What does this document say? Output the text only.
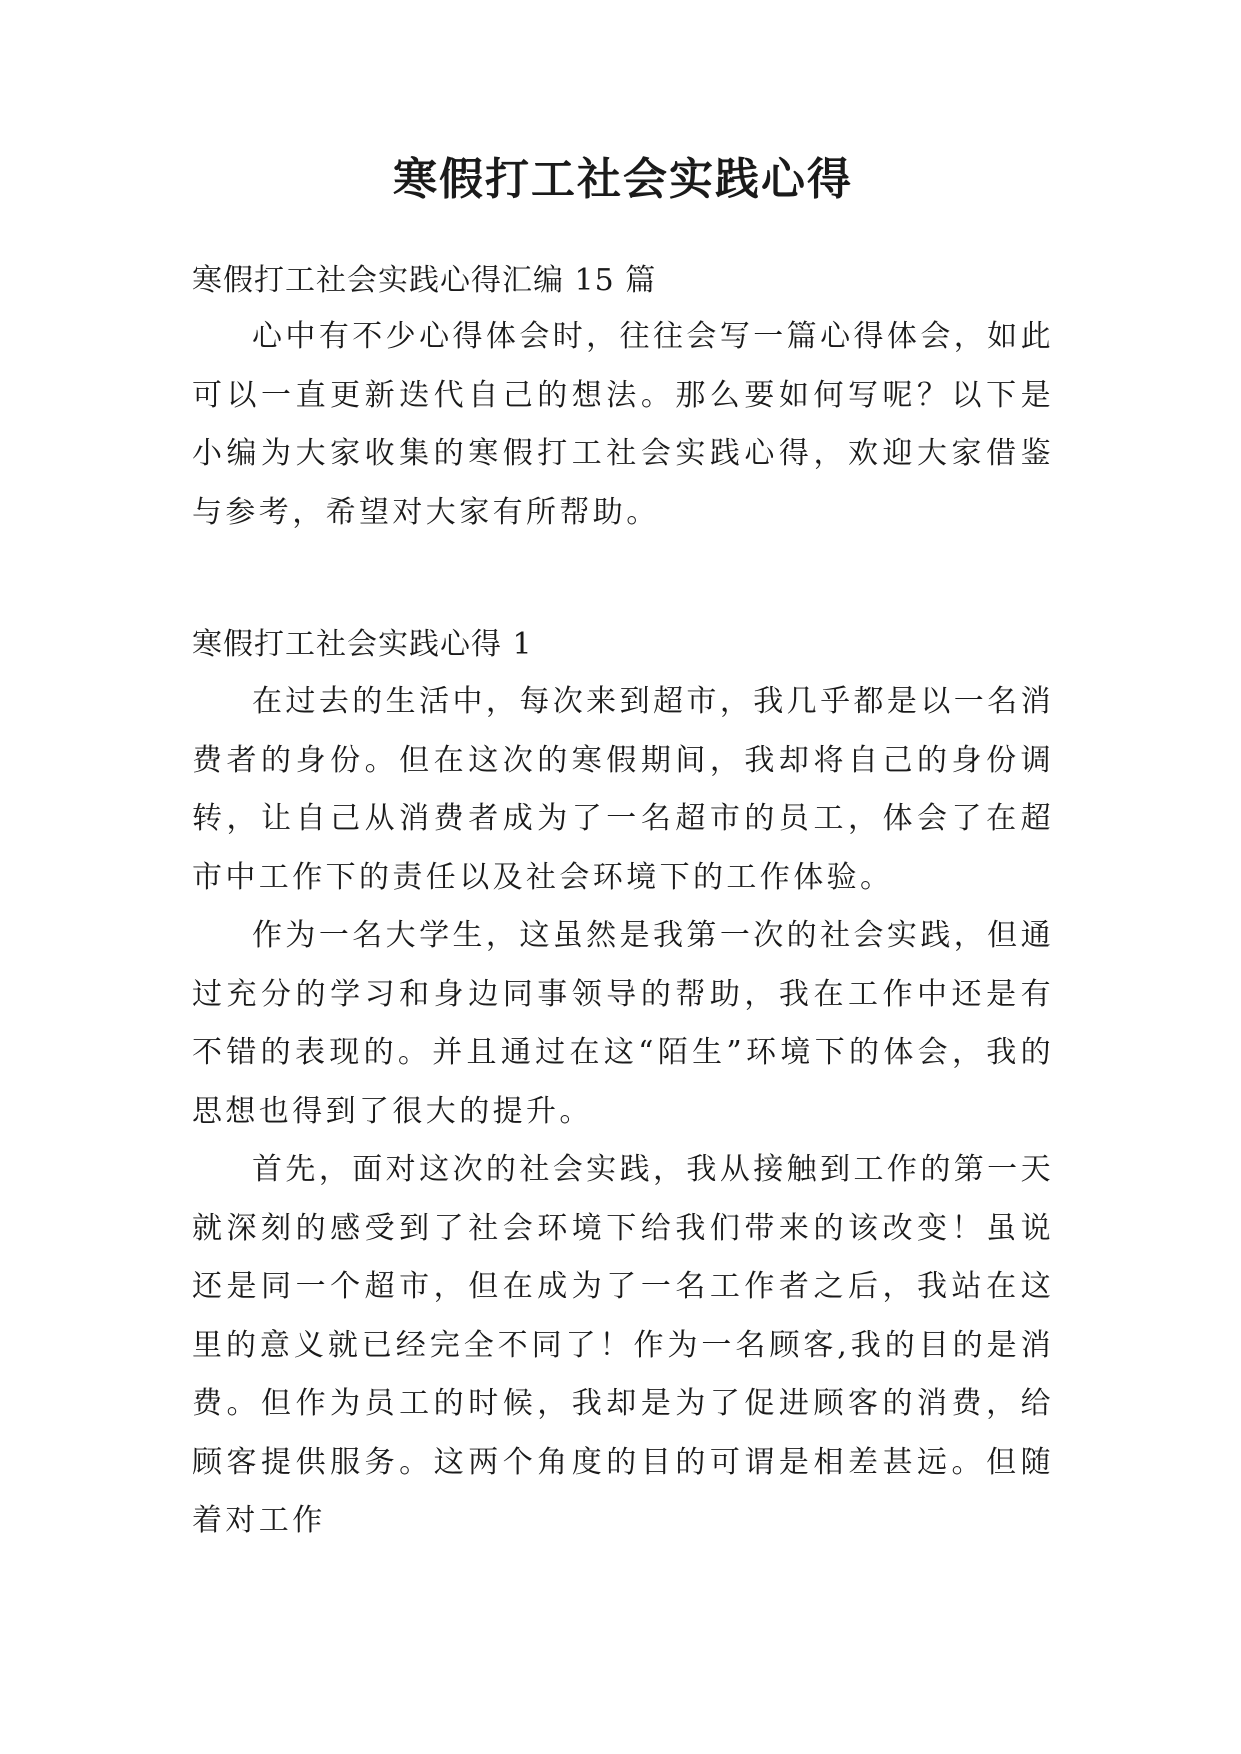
寒假打工社会实践心得

寒假打工社会实践心得汇编 15 篇

心中有不少心得体会时，往往会写一篇心得体会，如此可以一直更新迭代自己的想法。那么要如何写呢？以下是小编为大家收集的寒假打工社会实践心得，欢迎大家借鉴与参考，希望对大家有所帮助。

寒假打工社会实践心得 1

在过去的生活中，每次来到超市，我几乎都是以一名消费者的身份。但在这次的寒假期间，我却将自己的身份调转，让自己从消费者成为了一名超市的员工，体会了在超市中工作下的责任以及社会环境下的工作体验。

作为一名大学生，这虽然是我第一次的社会实践，但通过充分的学习和身边同事领导的帮助，我在工作中还是有不错的表现的。并且通过在这“陌生”环境下的体会，我的思想也得到了很大的提升。

首先，面对这次的社会实践，我从接触到工作的第一天就深刻的感受到了社会环境下给我们带来的该改变！虽说还是同一个超市，但在成为了一名工作者之后，我站在这里的意义就已经完全不同了！作为一名顾客,我的目的是消费。但作为员工的时候，我却是为了促进顾客的消费，给顾客提供服务。这两个角度的目的可谓是相差甚远。但随着对工作
